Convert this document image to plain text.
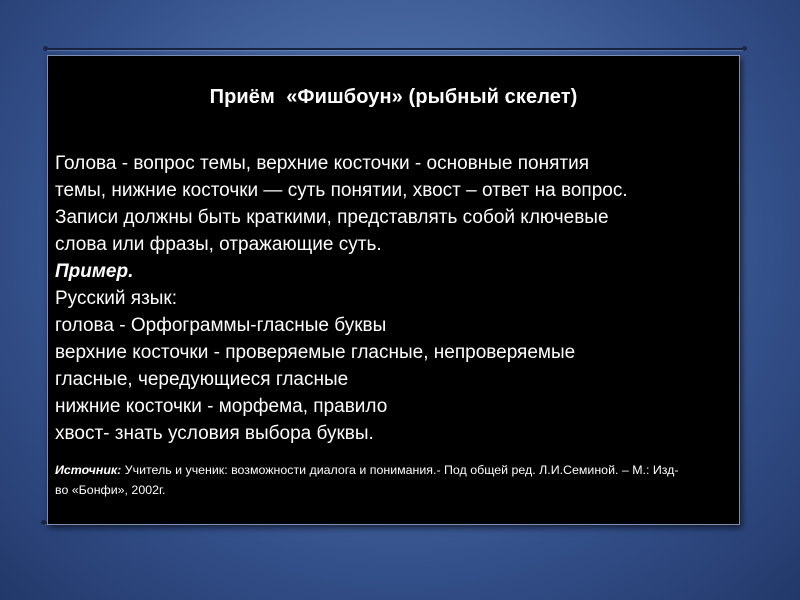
Приём  «Фишбоун» (рыбный скелет)
Голова - вопрос темы, верхние косточки - основные понятия
темы, нижние косточки — суть понятии, хвост – ответ на вопрос.
Записи должны быть краткими, представлять собой ключевые
слова или фразы, отражающие суть.
Пример.
Русский язык:
голова - Орфограммы-гласные буквы
верхние косточки - проверяемые гласные, непроверяемые
гласные, чередующиеся гласные
нижние косточки - морфема, правило
хвост- знать условия выбора буквы.
Источник: Учитель и ученик: возможности диалога и понимания.- Под общей ред. Л.И.Семиной. – М.: Изд-
во «Бонфи», 2002г.
